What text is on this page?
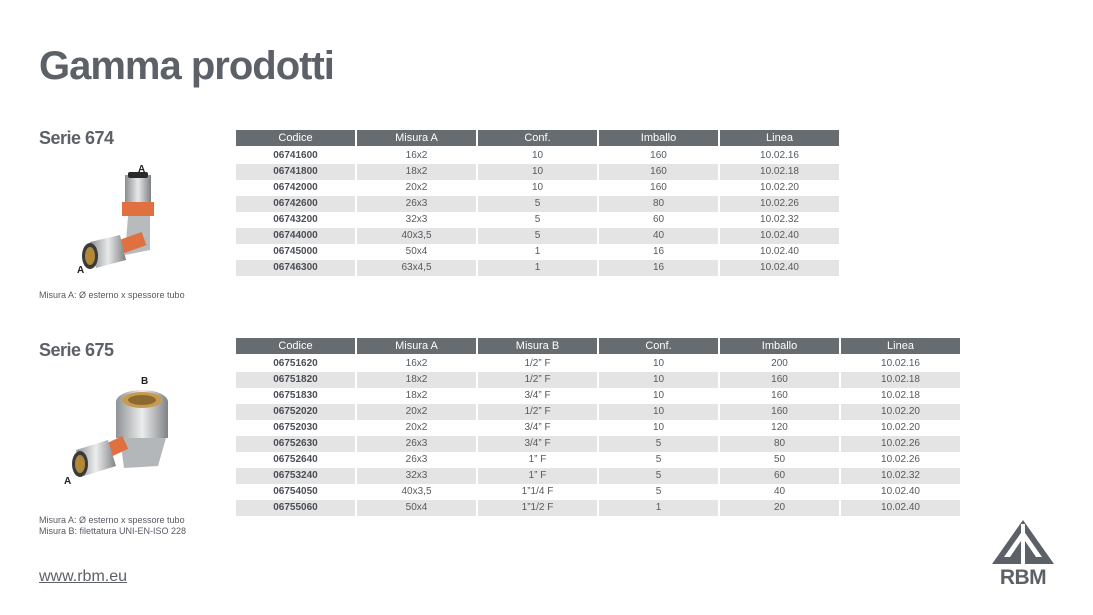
Gamma prodotti
Serie 674
A
A
Misura A: Ø esterno x spessore tubo
Codice	Misura A	Conf.	Imballo	Linea
06741600	16x2	10	160	10.02.16
06741800	18x2	10	160	10.02.18
06742000	20x2	10	160	10.02.20
06742600	26x3	5	80	10.02.26
06743200	32x3	5	60	10.02.32
06744000	40x3,5	5	40	10.02.40
06745000	50x4	1	16	10.02.40
06746300	63x4,5	1	16	10.02.40
Serie 675
B
A
Misura A: Ø esterno x spessore tubo
Misura B: filettatura UNI-EN-ISO 228
Codice	Misura A	Misura B	Conf.	Imballo	Linea
06751620	16x2	1/2” F	10	200	10.02.16
06751820	18x2	1/2” F	10	160	10.02.18
06751830	18x2	3/4” F	10	160	10.02.18
06752020	20x2	1/2” F	10	160	10.02.20
06752030	20x2	3/4” F	10	120	10.02.20
06752630	26x3	3/4” F	5	80	10.02.26
06752640	26x3	1” F	5	50	10.02.26
06753240	32x3	1” F	5	60	10.02.32
06754050	40x3,5	1”1/4 F	5	40	10.02.40
06755060	50x4	1”1/2 F	1	20	10.02.40
www.rbm.eu	RBM
